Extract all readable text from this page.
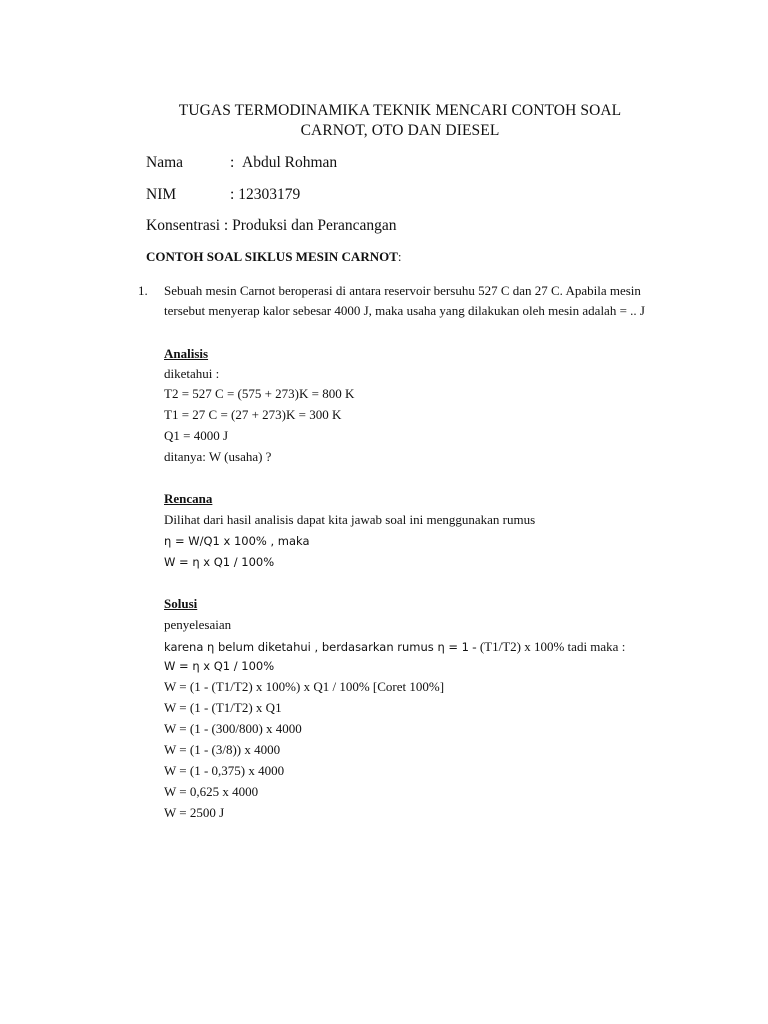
TUGAS TERMODINAMIKA TEKNIK MENCARI CONTOH SOAL
CARNOT, OTO DAN DIESEL
Nama	: Abdul Rohman
NIM	: 12303179
Konsentrasi : Produksi dan Perancangan
CONTOH SOAL SIKLUS MESIN CARNOT:
1. Sebuah mesin Carnot beroperasi di antara reservoir bersuhu 527 C dan 27 C. Apabila mesin
tersebut menyerap kalor sebesar 4000 J, maka usaha yang dilakukan oleh mesin adalah = .. J
Analisis
diketahui :
T2 = 527 C = (575 + 273)K = 800 K
T1 = 27 C = (27 + 273)K = 300 K
Q1 = 4000 J
ditanya: W (usaha) ?
Rencana
Dilihat dari hasil analisis dapat kita jawab soal ini menggunakan rumus
η = W/Q1 x 100% , maka
W = η x Q1 / 100%
Solusi
penyelesaian
karena η belum diketahui , berdasarkan rumus η = 1 - (T1/T2) x 100% tadi maka :
W = η x Q1 / 100%
W = (1 - (T1/T2) x 100%) x Q1 / 100% [Coret 100%]
W = (1 - (T1/T2) x Q1
W = (1 - (300/800) x 4000
W = (1 - (3/8)) x 4000
W = (1 - 0,375) x 4000
W = 0,625 x 4000
W = 2500 J
